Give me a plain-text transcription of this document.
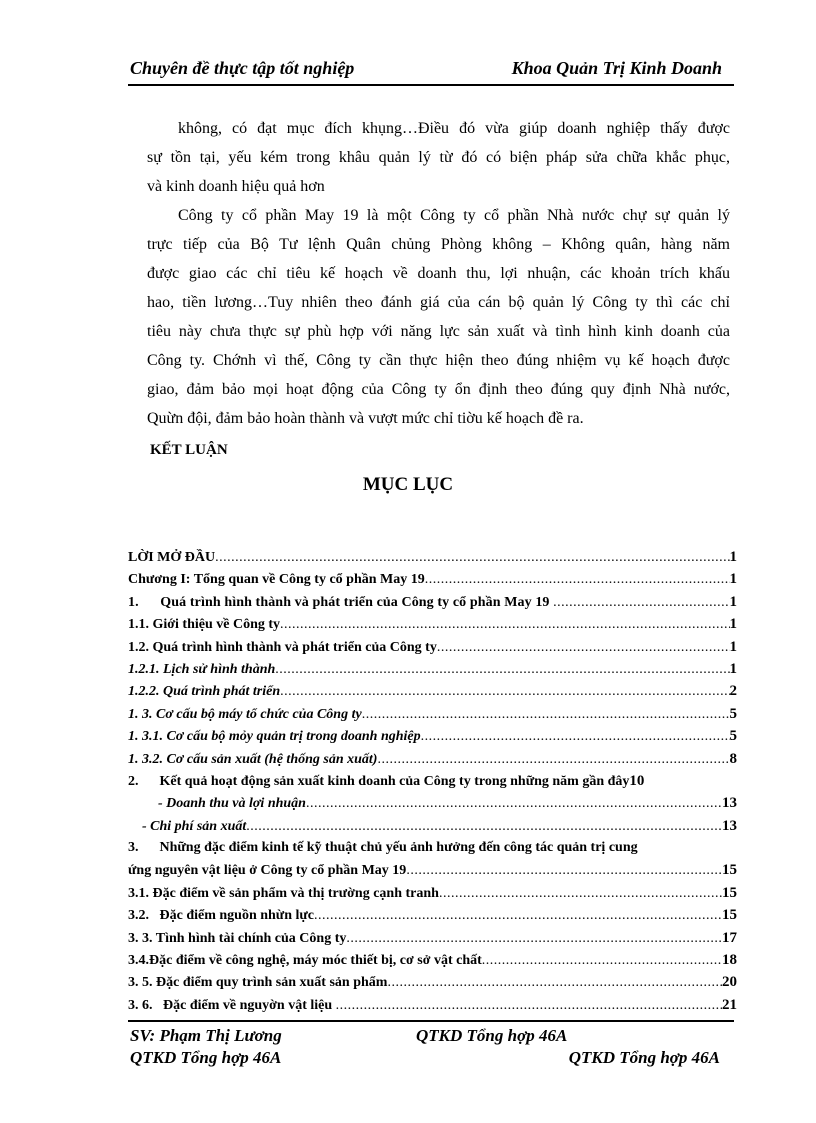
Chuyên đề thực tập tốt nghiệp	Khoa Quản Trị Kinh Doanh

không, có đạt mục đích khụng…Điều đó vừa giúp doanh nghiệp thấy được

sự tồn tại, yếu kém trong khâu quản lý từ đó có biện pháp sửa chữa khắc phục,

và kinh doanh hiệu quả hơn

Công ty cổ phần May 19 là một Công ty cổ phần Nhà nước chự sự quản lý

trực tiếp của Bộ Tư lệnh Quân chủng Phòng không – Không quân, hàng năm

được giao các chỉ tiêu kế hoạch về doanh thu, lợi nhuận, các khoản trích khấu

hao, tiền lương…Tuy nhiên theo đánh giá của cán bộ quản lý Công ty thì các chỉ

tiêu này chưa thực sự phù hợp với năng lực sản xuất và tình hình kinh doanh của

Công ty. Chớnh vì thế, Công ty cần thực hiện theo đúng nhiệm vụ kế hoạch được

giao, đảm bảo mọi hoạt động của Công ty ổn định theo đúng quy định Nhà nước,

Quừn đội, đảm bảo hoàn thành và vượt mức chỉ tiờu kế hoạch đề ra.

KẾT LUẬN
MỤC LỤC
LỜI MỞ ĐẦU .....	1
Chương I: Tổng quan về Công ty cổ phần May 19 .....	1
1.      Quá trình hình thành và phát triển của Công ty cổ phần May 19 .....	1
1.1. Giới thiệu về Công ty .....	1
1.2. Quá trình hình thành và phát triển của Công ty .....	1
1.2.1. Lịch sử hình thành .....	1
1.2.2. Quá trình phát triển .....	2
1. 3. Cơ cấu bộ máy tổ chức của Công ty .....	5
1. 3.1. Cơ cấu bộ mỏy quản trị trong doanh nghiệp .....	5
1. 3.2. Cơ cấu sản xuất (hệ thống sản xuất) .....	8
2.      Kết quả hoạt động sản xuất kinh doanh của Công ty trong những năm gần đây 10
- Doanh thu và lợi nhuận .....	13
- Chi phí sản xuất .....	13
3.      Những đặc điểm kinh tế kỹ thuật chủ yếu ảnh hưởng đến công tác quản trị cung
ứng nguyên vật liệu ở Công ty cổ phần May 19 .....	15
3.1. Đặc điểm về sản phẩm và thị trường cạnh tranh .....	15
3.2.   Đặc điểm nguồn nhừn lực .....	15
3. 3. Tình hình tài chính của Công ty .....	17
3.4.Đặc điểm về công nghệ, máy móc thiết bị, cơ sở vật chất .....	18
3. 5. Đặc điểm quy trình sản xuất sản phẩm .....	20
3. 6.   Đặc điểm về nguyờn vật liệu .....	21
SV: Phạm Thị Lương	QTKD Tổng hợp 46A
QTKD Tổng hợp 46A	QTKD Tổng hợp 46A
